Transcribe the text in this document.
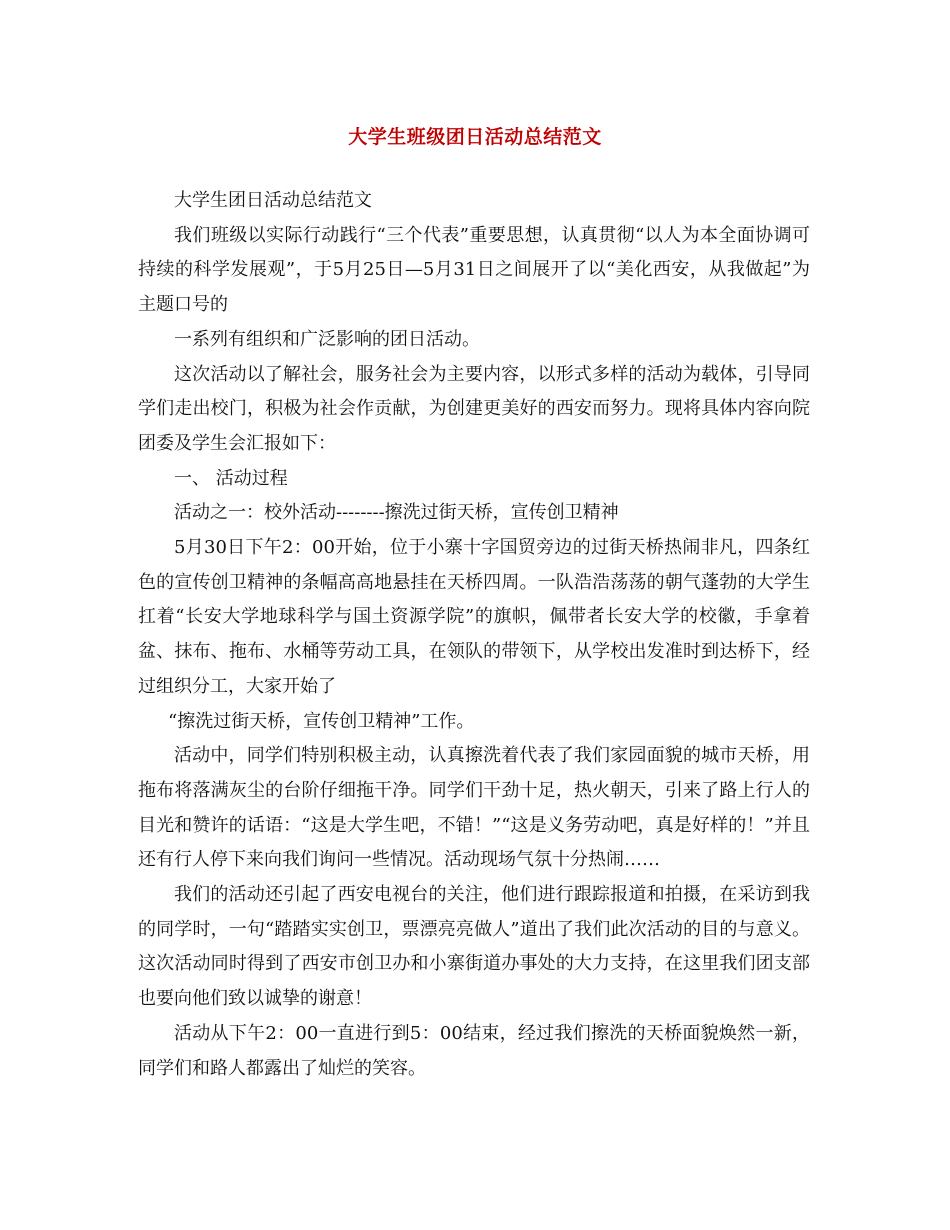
大学生班级团日活动总结范文

大学生团日活动总结范文

我们班级以实际行动践行“三个代表”重要思想，认真贯彻“以人为本全面协调可持续的科学发展观”，于5月25日—5月31日之间展开了以“美化西安，从我做起”为主题口号的

一系列有组织和广泛影响的团日活动。

这次活动以了解社会，服务社会为主要内容，以形式多样的活动为载体，引导同学们走出校门，积极为社会作贡献，为创建更美好的西安而努力。现将具体内容向院团委及学生会汇报如下：

一、 活动过程

活动之一：校外活动--------擦洗过街天桥，宣传创卫精神

5月30日下午2：00开始，位于小寨十字国贸旁边的过街天桥热闹非凡，四条红色的宣传创卫精神的条幅高高地悬挂在天桥四周。一队浩浩荡荡的朝气蓬勃的大学生扛着“长安大学地球科学与国土资源学院”的旗帜，佩带者长安大学的校徽，手拿着盆、抹布、拖布、水桶等劳动工具，在领队的带领下，从学校出发准时到达桥下，经过组织分工，大家开始了

“擦洗过街天桥，宣传创卫精神”工作。

活动中，同学们特别积极主动，认真擦洗着代表了我们家园面貌的城市天桥，用拖布将落满灰尘的台阶仔细拖干净。同学们干劲十足，热火朝天，引来了路上行人的目光和赞许的话语：“这是大学生吧，不错！”“这是义务劳动吧，真是好样的！”并且还有行人停下来向我们询问一些情况。活动现场气氛十分热闹……

我们的活动还引起了西安电视台的关注，他们进行跟踪报道和拍摄，在采访到我的同学时，一句“踏踏实实创卫，票漂亮亮做人”道出了我们此次活动的目的与意义。这次活动同时得到了西安市创卫办和小寨街道办事处的大力支持，在这里我们团支部也要向他们致以诚挚的谢意！

活动从下午2：00一直进行到5：00结束，经过我们擦洗的天桥面貌焕然一新，同学们和路人都露出了灿烂的笑容。
